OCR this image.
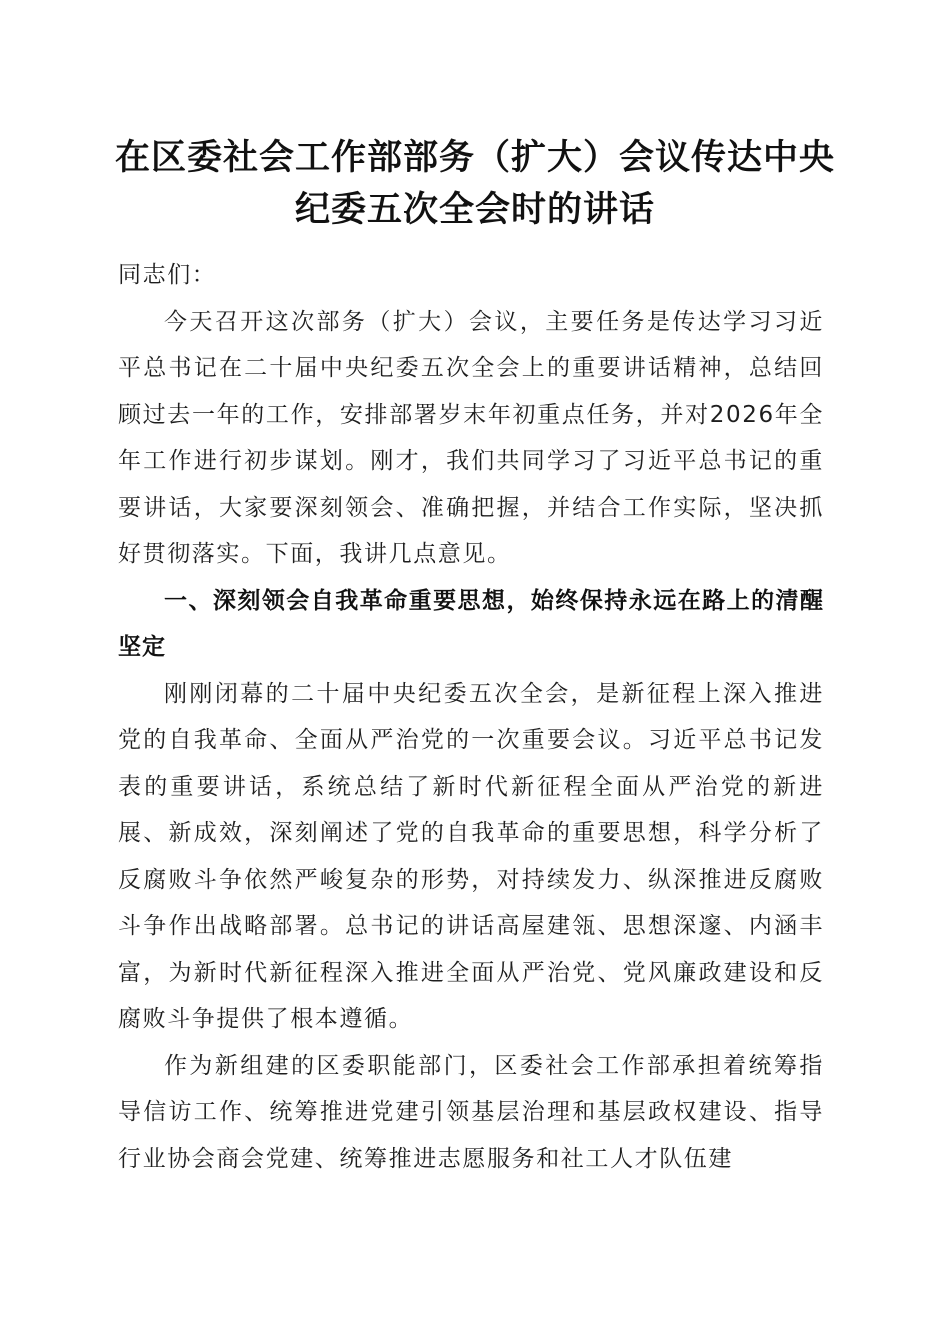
在区委社会工作部部务（扩大）会议传达中央
纪委五次全会时的讲话

同志们：

今天召开这次部务（扩大）会议，主要任务是传达学习习近平总书记在二十届中央纪委五次全会上的重要讲话精神，总结回顾过去一年的工作，安排部署岁末年初重点任务，并对2026年全年工作进行初步谋划。刚才，我们共同学习了习近平总书记的重要讲话，大家要深刻领会、准确把握，并结合工作实际，坚决抓好贯彻落实。下面，我讲几点意见。

一、深刻领会自我革命重要思想，始终保持永远在路上的清醒坚定

刚刚闭幕的二十届中央纪委五次全会，是新征程上深入推进党的自我革命、全面从严治党的一次重要会议。习近平总书记发表的重要讲话，系统总结了新时代新征程全面从严治党的新进展、新成效，深刻阐述了党的自我革命的重要思想，科学分析了反腐败斗争依然严峻复杂的形势，对持续发力、纵深推进反腐败斗争作出战略部署。总书记的讲话高屋建瓴、思想深邃、内涵丰富，为新时代新征程深入推进全面从严治党、党风廉政建设和反腐败斗争提供了根本遵循。

作为新组建的区委职能部门，区委社会工作部承担着统筹指导信访工作、统筹推进党建引领基层治理和基层政权建设、指导行业协会商会党建、统筹推进志愿服务和社工人才队伍建
